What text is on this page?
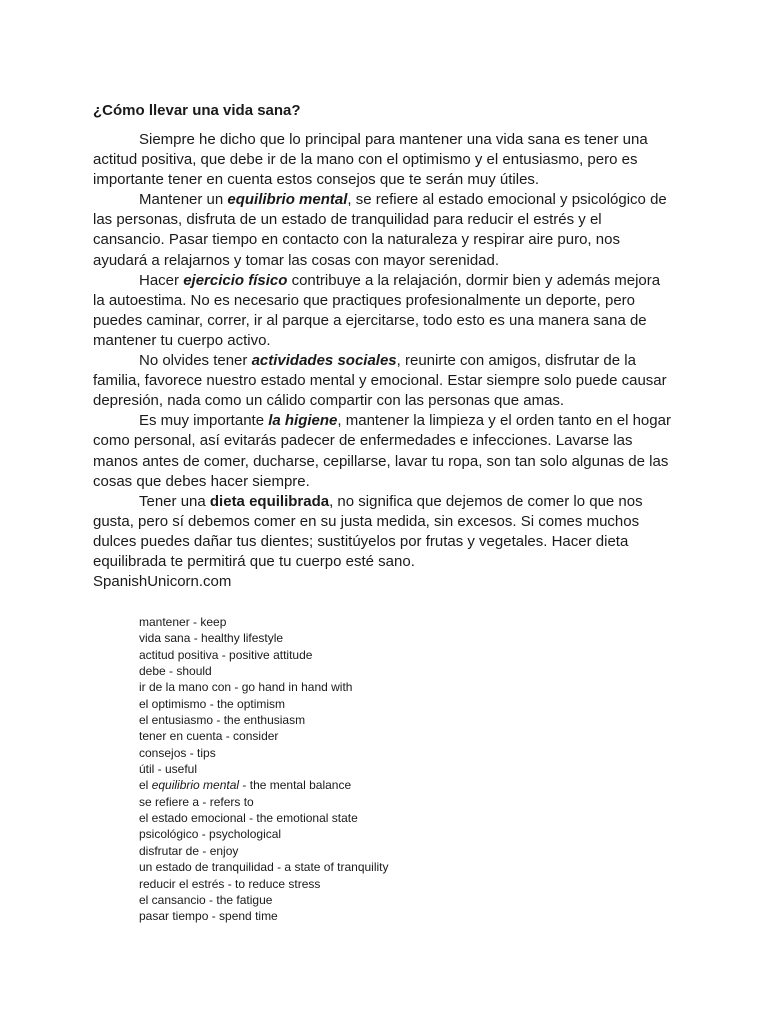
¿Cómo llevar una vida sana?

Siempre he dicho que lo principal para mantener una vida sana es tener una actitud positiva, que debe ir de la mano con el optimismo y el entusiasmo, pero es importante tener en cuenta estos consejos que te serán muy útiles.

Mantener un equilibrio mental, se refiere al estado emocional y psicológico de las personas, disfruta de un estado de tranquilidad para reducir el estrés y el cansancio. Pasar tiempo en contacto con la naturaleza y respirar aire puro, nos ayudará a relajarnos y tomar las cosas con mayor serenidad.

Hacer ejercicio físico contribuye a la relajación, dormir bien y además mejora la autoestima. No es necesario que practiques profesionalmente un deporte, pero puedes caminar, correr, ir al parque a ejercitarse, todo esto es una manera sana de mantener tu cuerpo activo.

No olvides tener actividades sociales, reunirte con amigos, disfrutar de la familia, favorece nuestro estado mental y emocional. Estar siempre solo puede causar depresión, nada como un cálido compartir con las personas que amas.

Es muy importante la higiene, mantener la limpieza y el orden tanto en el hogar como personal, así evitarás padecer de enfermedades e infecciones. Lavarse las manos antes de comer, ducharse, cepillarse, lavar tu ropa, son tan solo algunas de las cosas que debes hacer siempre.

Tener una dieta equilibrada, no significa que dejemos de comer lo que nos gusta, pero sí debemos comer en su justa medida, sin excesos. Si comes muchos dulces puedes dañar tus dientes; sustitúyelos por frutas y vegetales. Hacer dieta equilibrada te permitirá que tu cuerpo esté sano.

SpanishUnicorn.com

mantener - keep
vida sana - healthy lifestyle
actitud positiva - positive attitude
debe - should
ir de la mano con - go hand in hand with
el optimismo - the optimism
el entusiasmo - the enthusiasm
tener en cuenta - consider
consejos - tips
útil - useful
el equilibrio mental - the mental balance
se refiere a - refers to
el estado emocional - the emotional state
psicológico - psychological
disfrutar de - enjoy
un estado de tranquilidad - a state of tranquility
reducir el estrés - to reduce stress
el cansancio - the fatigue
pasar tiempo - spend time
